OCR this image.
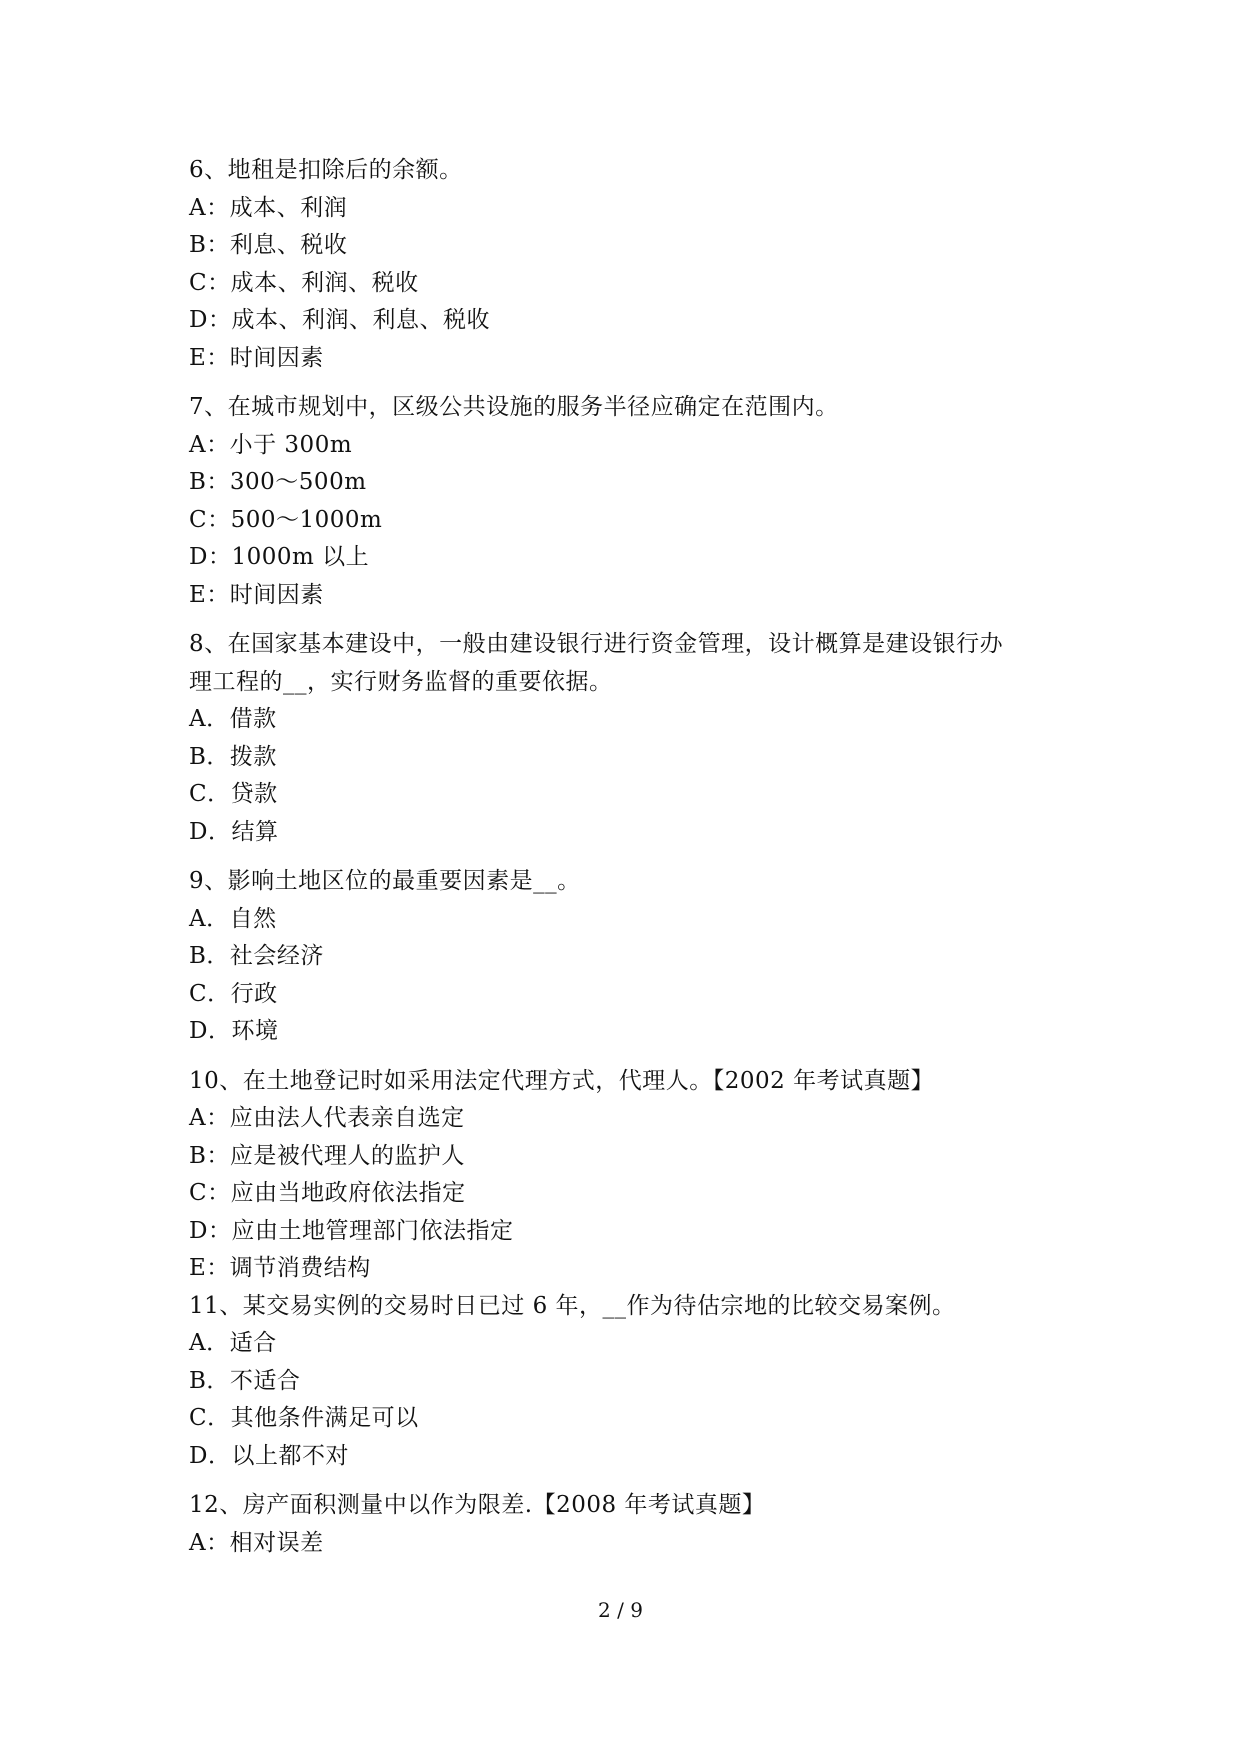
6、地租是扣除后的余额。
A：成本、利润
B：利息、税收
C：成本、利润、税收
D：成本、利润、利息、税收
E：时间因素
7、在城市规划中，区级公共设施的服务半径应确定在范围内。
A：小于 300m
B：300～500m
C：500～1000m
D：1000m 以上
E：时间因素
8、在国家基本建设中，一般由建设银行进行资金管理，设计概算是建设银行办
理工程的__，实行财务监督的重要依据。
A．借款
B．拨款
C．贷款
D．结算
9、影响土地区位的最重要因素是__。
A．自然
B．社会经济
C．行政
D．环境
10、在土地登记时如采用法定代理方式，代理人。【2002 年考试真题】
A：应由法人代表亲自选定
B：应是被代理人的监护人
C：应由当地政府依法指定
D：应由土地管理部门依法指定
E：调节消费结构
11、某交易实例的交易时日已过 6 年，__作为待估宗地的比较交易案例。
A．适合
B．不适合
C．其他条件满足可以
D．以上都不对
12、房产面积测量中以作为限差.【2008 年考试真题】
A：相对误差
2 / 9
